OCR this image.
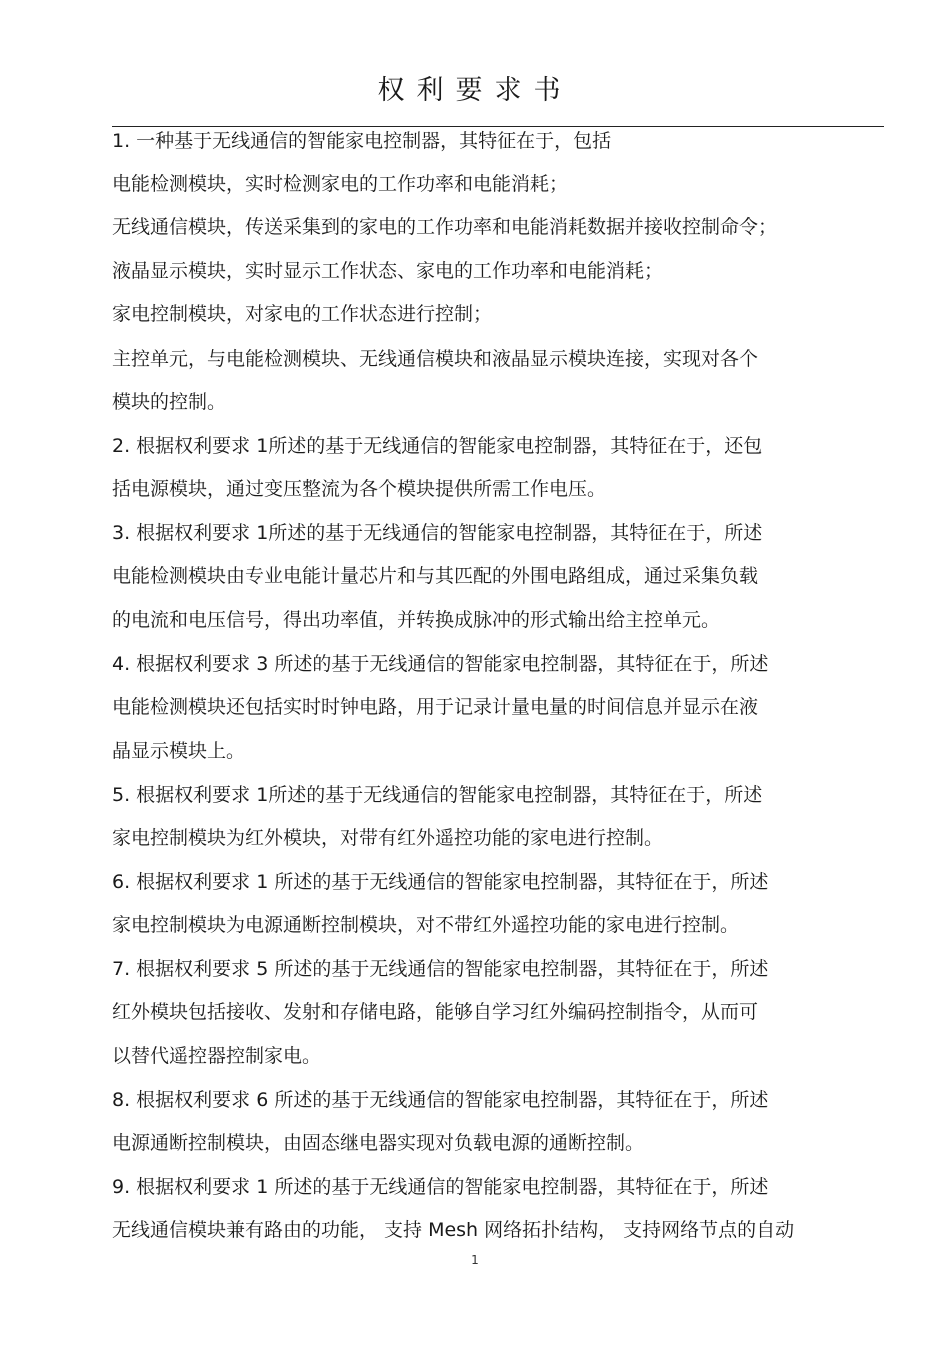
权利要求书
1. 一种基于无线通信的智能家电控制器，其特征在于，包括
电能检测模块，实时检测家电的工作功率和电能消耗；
无线通信模块，传送采集到的家电的工作功率和电能消耗数据并接收控制命令；
液晶显示模块，实时显示工作状态、家电的工作功率和电能消耗；
家电控制模块，对家电的工作状态进行控制；
主控单元，与电能检测模块、无线通信模块和液晶显示模块连接，实现对各个
模块的控制。
2. 根据权利要求 1所述的基于无线通信的智能家电控制器，其特征在于，还包
括电源模块，通过变压整流为各个模块提供所需工作电压。
3. 根据权利要求 1所述的基于无线通信的智能家电控制器，其特征在于，所述
电能检测模块由专业电能计量芯片和与其匹配的外围电路组成，通过采集负载
的电流和电压信号，得出功率值，并转换成脉冲的形式输出给主控单元。
4. 根据权利要求 3 所述的基于无线通信的智能家电控制器，其特征在于，所述
电能检测模块还包括实时时钟电路，用于记录计量电量的时间信息并显示在液
晶显示模块上。
5. 根据权利要求 1所述的基于无线通信的智能家电控制器，其特征在于，所述
家电控制模块为红外模块，对带有红外遥控功能的家电进行控制。
6. 根据权利要求 1 所述的基于无线通信的智能家电控制器，其特征在于，所述
家电控制模块为电源通断控制模块，对不带红外遥控功能的家电进行控制。
7. 根据权利要求 5 所述的基于无线通信的智能家电控制器，其特征在于，所述
红外模块包括接收、发射和存储电路，能够自学习红外编码控制指令，从而可
以替代遥控器控制家电。
8. 根据权利要求 6 所述的基于无线通信的智能家电控制器，其特征在于，所述
电源通断控制模块，由固态继电器实现对负载电源的通断控制。
9. 根据权利要求 1 所述的基于无线通信的智能家电控制器，其特征在于，所述
无线通信模块兼有路由的功能， 支持 Mesh 网络拓扑结构， 支持网络节点的自动
1
